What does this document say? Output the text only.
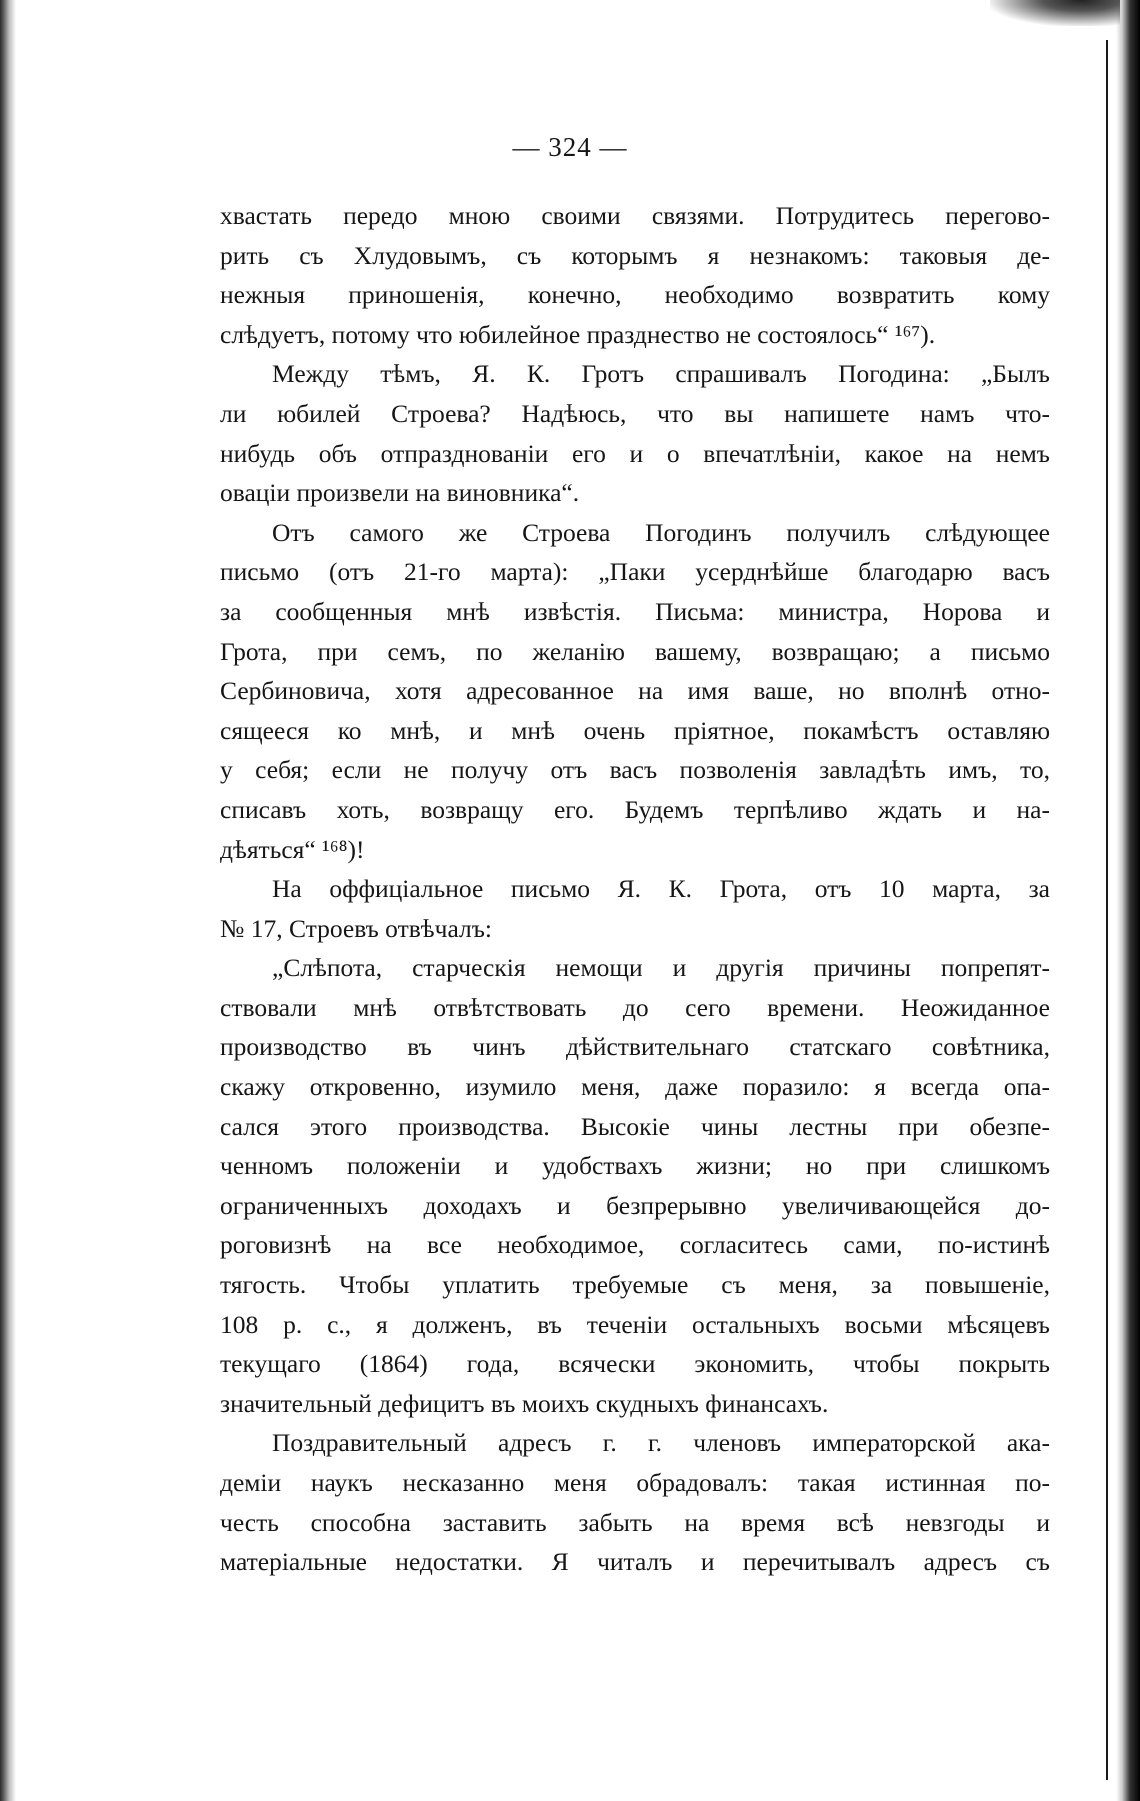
— 324 —
хвастать передо мною своими связями. Потрудитесь перегово-
рить съ Хлудовымъ, съ которымъ я незнакомъ: таковыя де-
нежныя приношенія, конечно, необходимо возвратить кому
слѣдуетъ, потому что юбилейное празднество не состоялось“ ¹⁶⁷).
Между тѣмъ, Я. К. Гротъ спрашивалъ Погодина: „Былъ
ли юбилей Строева? Надѣюсь, что вы напишете намъ что-
нибудь объ отпразднованіи его и о впечатлѣніи, какое на немъ
оваціи произвели на виновника“.
Отъ самого же Строева Погодинъ получилъ слѣдующее
письмо (отъ 21-го марта): „Паки усерднѣйше благодарю васъ
за сообщенныя мнѣ извѣстія. Письма: министра, Норова и
Грота, при семъ, по желанію вашему, возвращаю; а письмо
Сербиновича, хотя адресованное на имя ваше, но вполнѣ отно-
сящееся ко мнѣ, и мнѣ очень пріятное, покамѣстъ оставляю
у себя; если не получу отъ васъ позволенія завладѣть имъ, то,
списавъ хоть, возвращу его. Будемъ терпѣливо ждать и на-
дѣяться“ ¹⁶⁸)!
На оффиціальное письмо Я. К. Грота, отъ 10 марта, за
№ 17, Строевъ отвѣчалъ:
„Слѣпота, старческія немощи и другія причины попрепят-
ствовали мнѣ отвѣтствовать до сего времени. Неожиданное
производство въ чинъ дѣйствительнаго статскаго совѣтника,
скажу откровенно, изумило меня, даже поразило: я всегда опа-
сался этого производства. Высокіе чины лестны при обезпе-
ченномъ положеніи и удобствахъ жизни; но при слишкомъ
ограниченныхъ доходахъ и безпрерывно увеличивающейся до-
роговизнѣ на все необходимое, согласитесь сами, по-истинѣ
тягость. Чтобы уплатить требуемые съ меня, за повышеніе,
108 р. с., я долженъ, въ теченіи остальныхъ восьми мѣсяцевъ
текущаго (1864) года, всячески экономить, чтобы покрыть
значительный дефицитъ въ моихъ скудныхъ финансахъ.
Поздравительный адресъ г. г. членовъ императорской ака-
деміи наукъ несказанно меня обрадовалъ: такая истинная по-
честь способна заставить забыть на время всѣ невзгоды и
матеріальные недостатки. Я читалъ и перечитывалъ адресъ съ
